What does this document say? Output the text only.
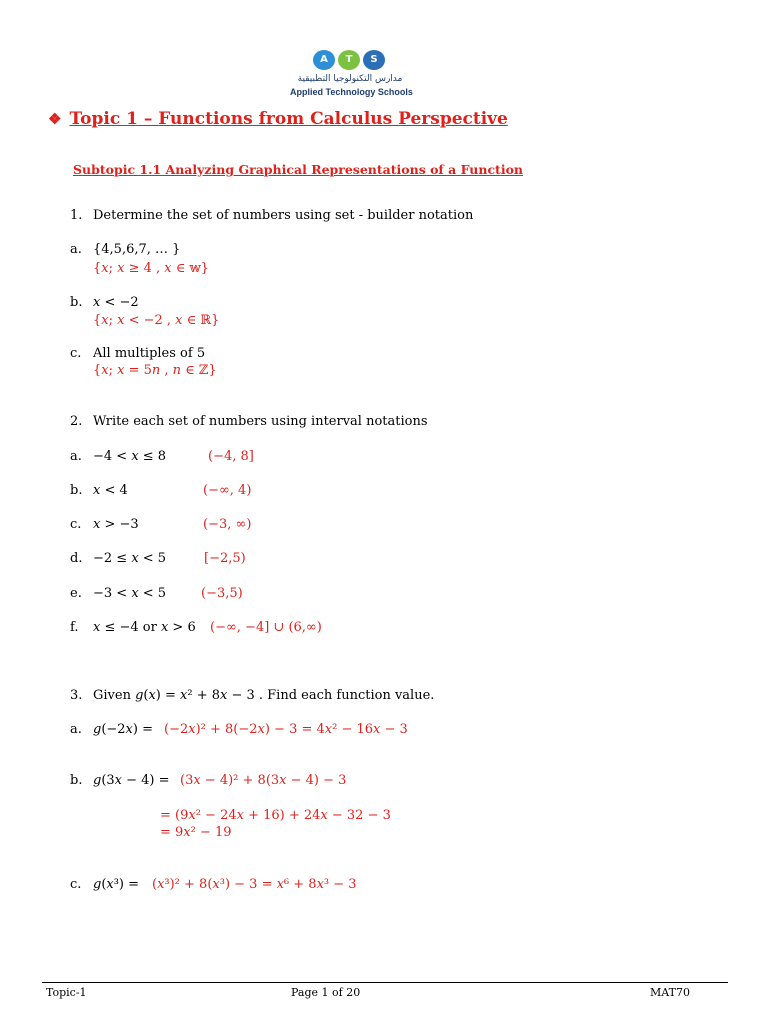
A	T	S
مدارس التكنولوجيا التطبيقية
Applied Technology Schools
❖ Topic 1 – Functions from Calculus Perspective
Subtopic 1.1 Analyzing Graphical Representations of a Function
1. Determine the set of numbers using set - builder notation
a. {4,5,6,7, … }
{𝑥; 𝑥 ≥ 4 , 𝑥 ∈ 𝕨}
b. 𝑥 < −2
{𝑥; 𝑥 < −2 , 𝑥 ∈ ℝ}
c. All multiples of 5
{𝑥; 𝑥 = 5𝑛 , 𝑛 ∈ ℤ}
2. Write each set of numbers using interval notations
a. −4 < 𝑥 ≤ 8	(−4, 8]
b. 𝑥 < 4	(−∞, 4)
c. 𝑥 > −3	(−3, ∞)
d. −2 ≤ 𝑥 < 5	[−2,5)
e. −3 < 𝑥 < 5	(−3,5)
f. 𝑥 ≤ −4 or 𝑥 > 6 (−∞, −4] ∪ (6,∞)
3. Given 𝑔(𝑥) = 𝑥² + 8𝑥 − 3 . Find each function value.
a. 𝑔(−2𝑥) = (−2𝑥)² + 8(−2𝑥) − 3 = 4𝑥² − 16𝑥 − 3
b. 𝑔(3𝑥 − 4) = (3𝑥 − 4)² + 8(3𝑥 − 4) − 3
= (9𝑥² − 24𝑥 + 16) + 24𝑥 − 32 − 3
= 9𝑥² − 19
c. 𝑔(𝑥³) = (𝑥³)² + 8(𝑥³) − 3 = 𝑥⁶ + 8𝑥³ − 3
Topic-1	Page 1 of 20	MAT70
